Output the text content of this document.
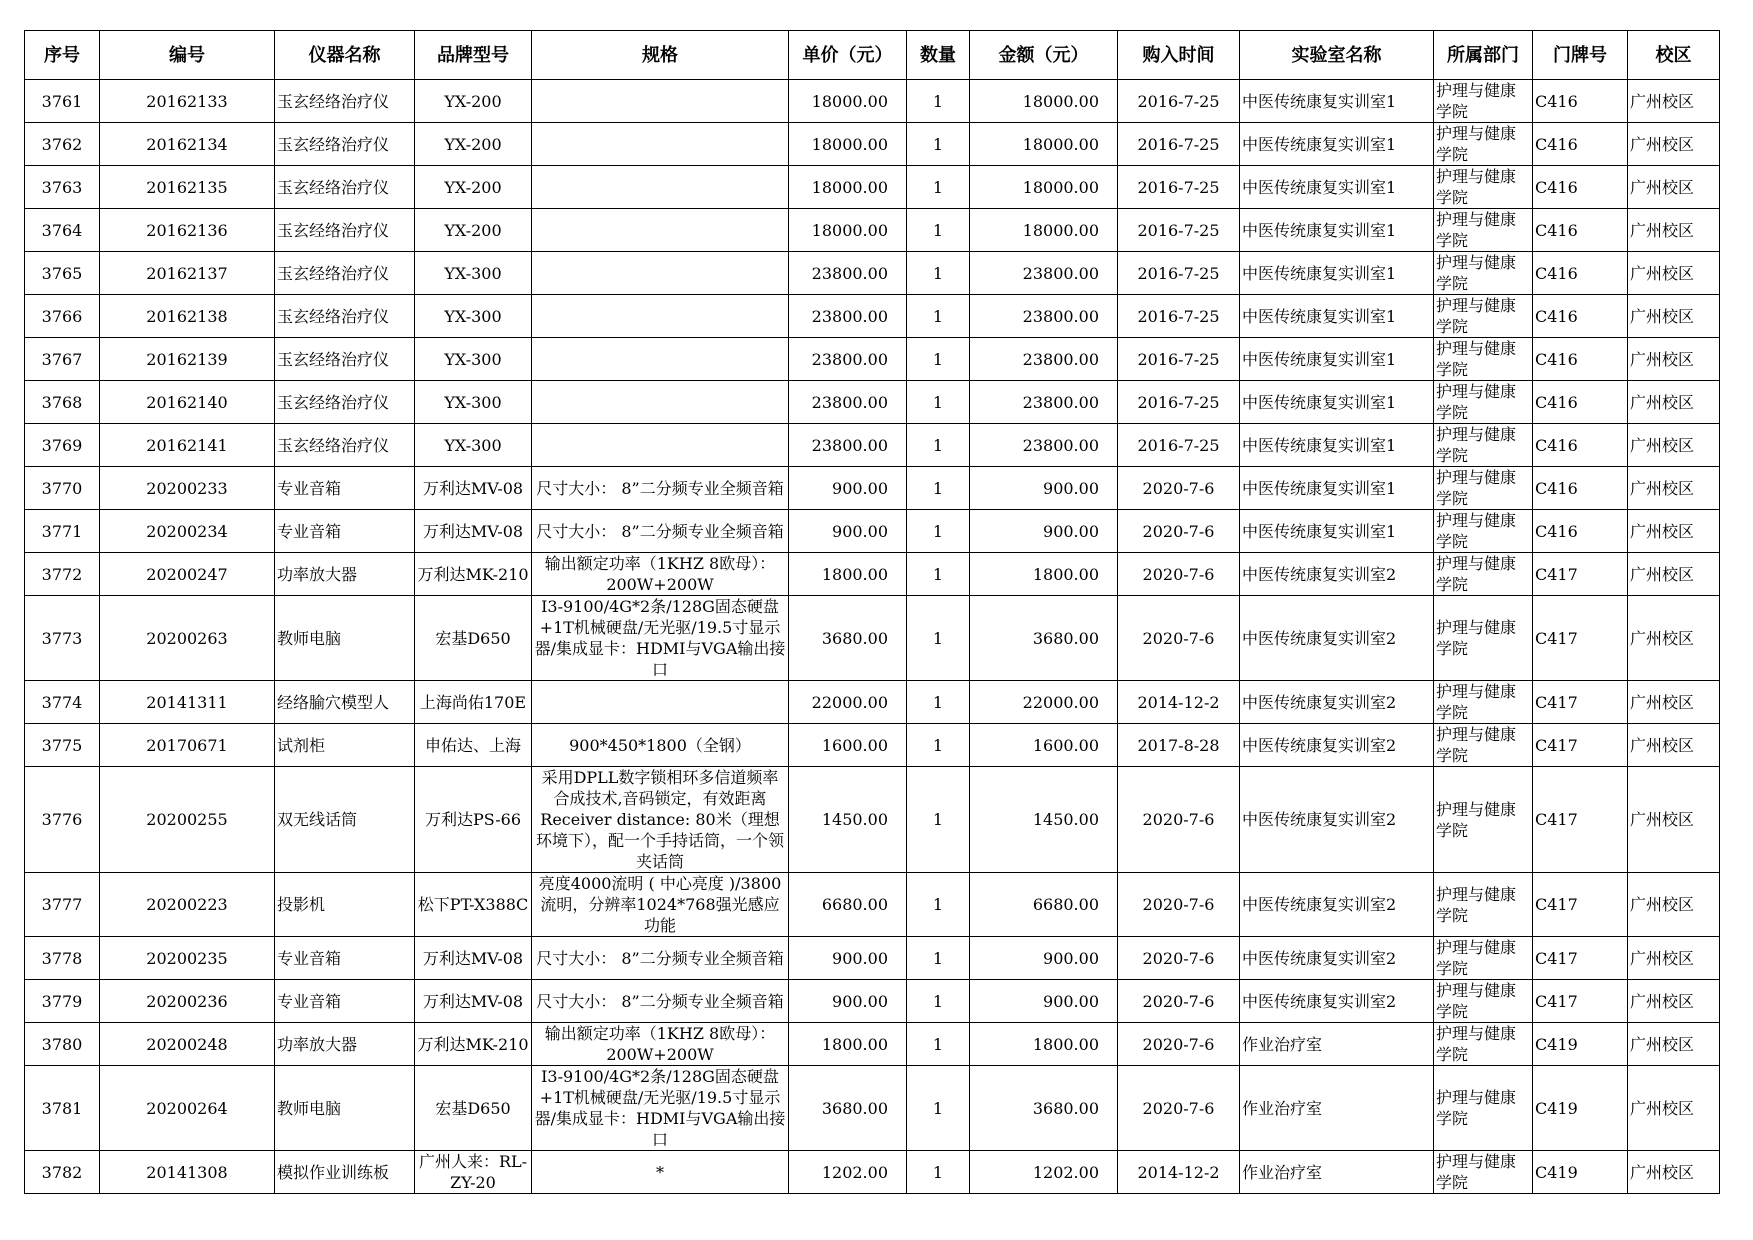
序号	编号	仪器名称	品牌型号	规格	单价（元）	数量	金额（元）	购入时间	实验室名称	所属部门	门牌号	校区

3761	20162133	玉玄经络治疗仪	YX-200		18000.00	1	18000.00	2016-7-25	中医传统康复实训室1	护理与健康学院	C416	广州校区

3762	20162134	玉玄经络治疗仪	YX-200		18000.00	1	18000.00	2016-7-25	中医传统康复实训室1	护理与健康学院	C416	广州校区

3763	20162135	玉玄经络治疗仪	YX-200		18000.00	1	18000.00	2016-7-25	中医传统康复实训室1	护理与健康学院	C416	广州校区

3764	20162136	玉玄经络治疗仪	YX-200		18000.00	1	18000.00	2016-7-25	中医传统康复实训室1	护理与健康学院	C416	广州校区

3765	20162137	玉玄经络治疗仪	YX-300		23800.00	1	23800.00	2016-7-25	中医传统康复实训室1	护理与健康学院	C416	广州校区

3766	20162138	玉玄经络治疗仪	YX-300		23800.00	1	23800.00	2016-7-25	中医传统康复实训室1	护理与健康学院	C416	广州校区

3767	20162139	玉玄经络治疗仪	YX-300		23800.00	1	23800.00	2016-7-25	中医传统康复实训室1	护理与健康学院	C416	广州校区

3768	20162140	玉玄经络治疗仪	YX-300		23800.00	1	23800.00	2016-7-25	中医传统康复实训室1	护理与健康学院	C416	广州校区

3769	20162141	玉玄经络治疗仪	YX-300		23800.00	1	23800.00	2016-7-25	中医传统康复实训室1	护理与健康学院	C416	广州校区

3770	20200233	专业音箱	万利达MV-08	尺寸大小： 8”二分频专业全频音箱	900.00	1	900.00	2020-7-6	中医传统康复实训室1	护理与健康学院	C416	广州校区

3771	20200234	专业音箱	万利达MV-08	尺寸大小： 8”二分频专业全频音箱	900.00	1	900.00	2020-7-6	中医传统康复实训室1	护理与健康学院	C416	广州校区

3772	20200247	功率放大器	万利达MK-210	输出额定功率（1KHZ 8欧母）：200W+200W	1800.00	1	1800.00	2020-7-6	中医传统康复实训室2	护理与健康学院	C417	广州校区

3773	20200263	教师电脑	宏基D650	I3-9100/4G*2条/128G固态硬盘+1T机械硬盘/无光驱/19.5寸显示器/集成显卡：HDMI与VGA输出接口	3680.00	1	3680.00	2020-7-6	中医传统康复实训室2	护理与健康学院	C417	广州校区

3774	20141311	经络腧穴模型人	上海尚佑170E		22000.00	1	22000.00	2014-12-2	中医传统康复实训室2	护理与健康学院	C417	广州校区

3775	20170671	试剂柜	申佑达、上海	900*450*1800（全钢）	1600.00	1	1600.00	2017-8-28	中医传统康复实训室2	护理与健康学院	C417	广州校区

3776	20200255	双无线话筒	万利达PS-66	采用DPLL数字锁相环多信道频率合成技术,音码锁定，有效距离Receiver distance: 80米（理想环境下），配一个手持话筒，一个领夹话筒	1450.00	1	1450.00	2020-7-6	中医传统康复实训室2	护理与健康学院	C417	广州校区

3777	20200223	投影机	松下PT-X388C	亮度4000流明 ( 中心亮度 )/3800流明，分辨率1024*768强光感应功能	6680.00	1	6680.00	2020-7-6	中医传统康复实训室2	护理与健康学院	C417	广州校区

3778	20200235	专业音箱	万利达MV-08	尺寸大小： 8”二分频专业全频音箱	900.00	1	900.00	2020-7-6	中医传统康复实训室2	护理与健康学院	C417	广州校区

3779	20200236	专业音箱	万利达MV-08	尺寸大小： 8”二分频专业全频音箱	900.00	1	900.00	2020-7-6	中医传统康复实训室2	护理与健康学院	C417	广州校区

3780	20200248	功率放大器	万利达MK-210	输出额定功率（1KHZ 8欧母）：200W+200W	1800.00	1	1800.00	2020-7-6	作业治疗室	护理与健康学院	C419	广州校区

3781	20200264	教师电脑	宏基D650	I3-9100/4G*2条/128G固态硬盘+1T机械硬盘/无光驱/19.5寸显示器/集成显卡：HDMI与VGA输出接口	3680.00	1	3680.00	2020-7-6	作业治疗室	护理与健康学院	C419	广州校区

3782	20141308	模拟作业训练板	广州人来：RL-ZY-20	*	1202.00	1	1202.00	2014-12-2	作业治疗室	护理与健康学院	C419	广州校区
